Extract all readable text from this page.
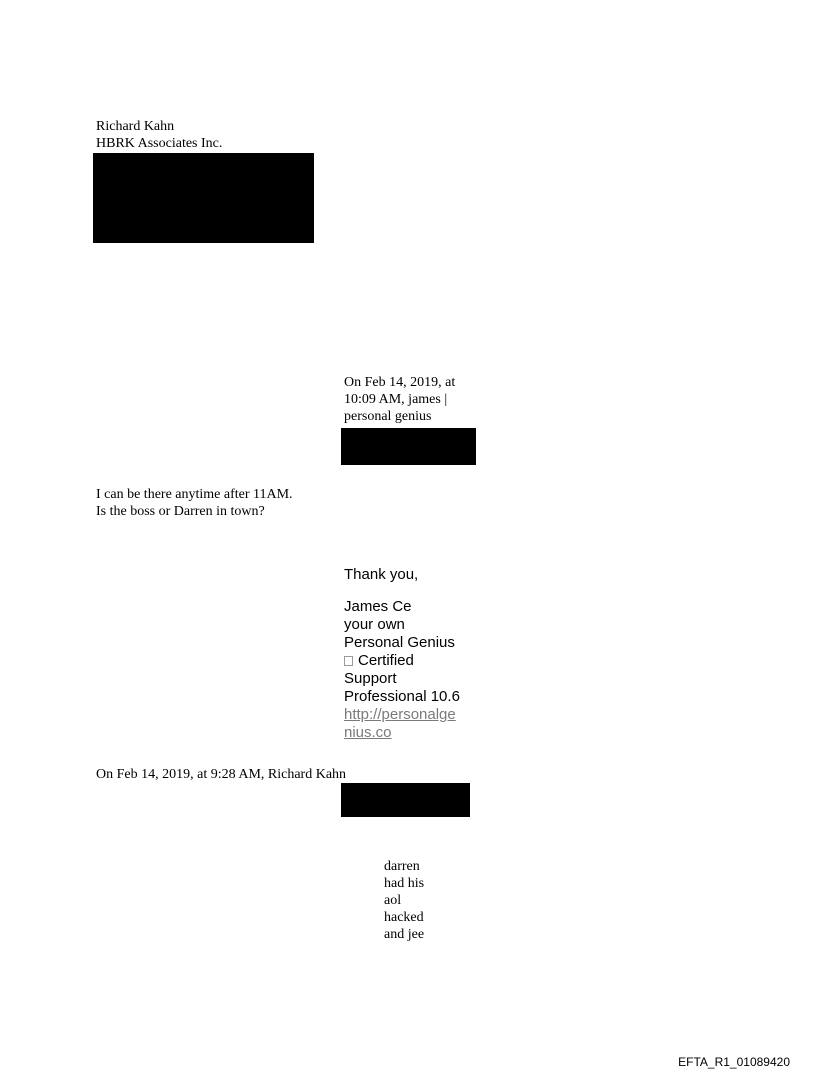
Richard Kahn
HBRK Associates Inc.
On Feb 14, 2019, at
10:09 AM, james |
personal genius
I can be there anytime after 11AM.
Is the boss or Darren in town?
Thank you,
James Ce
your own
Personal Genius
Certified
Support
Professional 10.6
http://personalge
nius.co
On Feb 14, 2019, at 9:28 AM, Richard Kahn
darren
had his
aol
hacked
and jee
EFTA_R1_01089420
